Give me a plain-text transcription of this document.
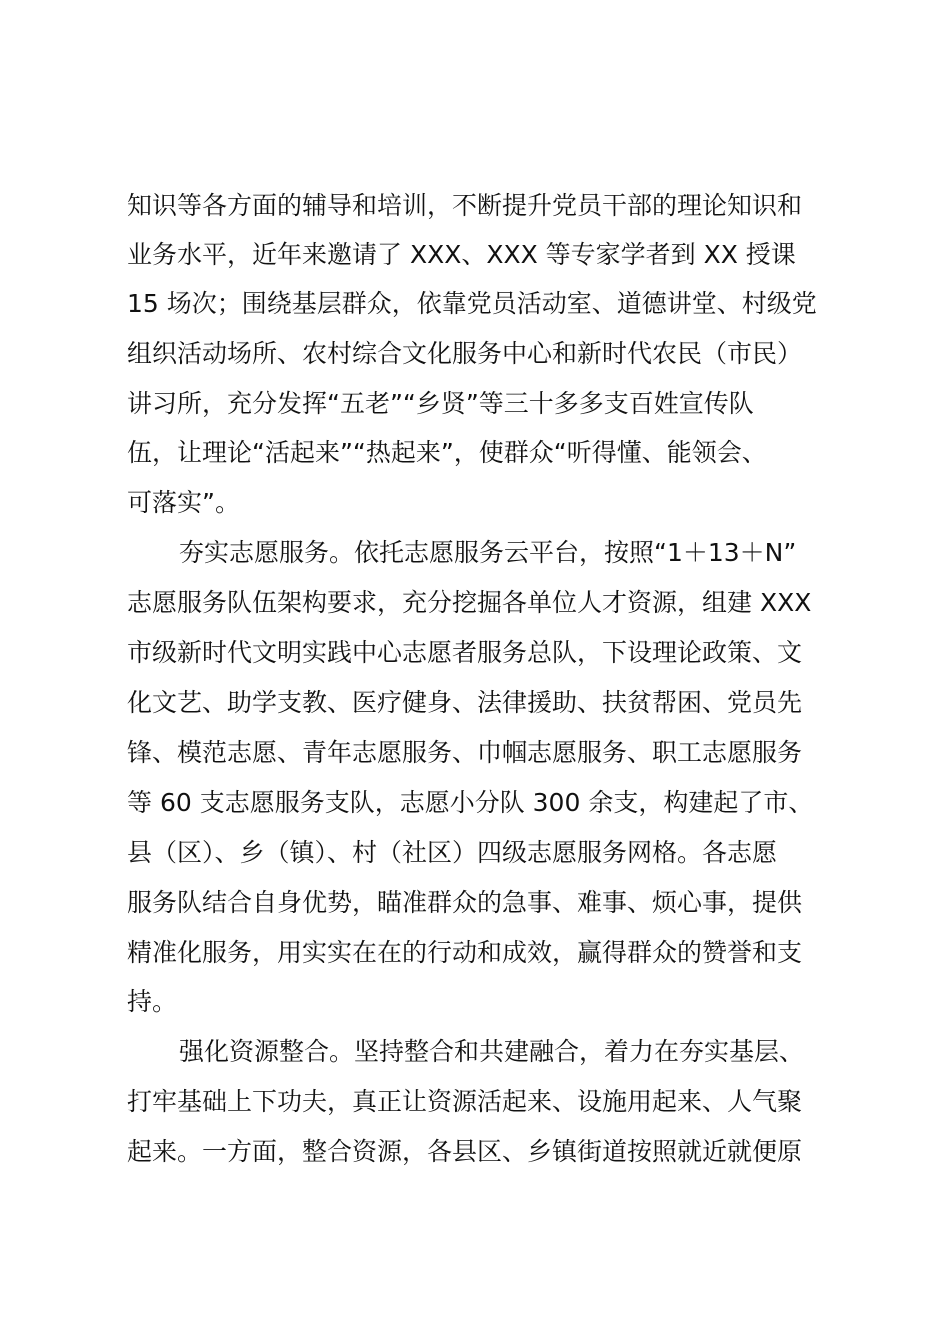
知识等各方面的辅导和培训，不断提升党员干部的理论知识和
业务水平，近年来邀请了 XXX、XXX 等专家学者到 XX 授课
15 场次；围绕基层群众，依靠党员活动室、道德讲堂、村级党
组织活动场所、农村综合文化服务中心和新时代农民（市民）
讲习所，充分发挥“五老”“乡贤”等三十多多支百姓宣传队
伍，让理论“活起来”“热起来”，使群众“听得懂、能领会、
可落实”。
夯实志愿服务。依托志愿服务云平台，按照“1＋13＋N”
志愿服务队伍架构要求，充分挖掘各单位人才资源，组建 XXX
市级新时代文明实践中心志愿者服务总队，下设理论政策、文
化文艺、助学支教、医疗健身、法律援助、扶贫帮困、党员先
锋、模范志愿、青年志愿服务、巾帼志愿服务、职工志愿服务
等 60 支志愿服务支队，志愿小分队 300 余支，构建起了市、
县（区）、乡（镇）、村（社区）四级志愿服务网格。各志愿
服务队结合自身优势，瞄准群众的急事、难事、烦心事，提供
精准化服务，用实实在在的行动和成效，赢得群众的赞誉和支
持。
强化资源整合。坚持整合和共建融合，着力在夯实基层、
打牢基础上下功夫，真正让资源活起来、设施用起来、人气聚
起来。一方面，整合资源，各县区、乡镇街道按照就近就便原
